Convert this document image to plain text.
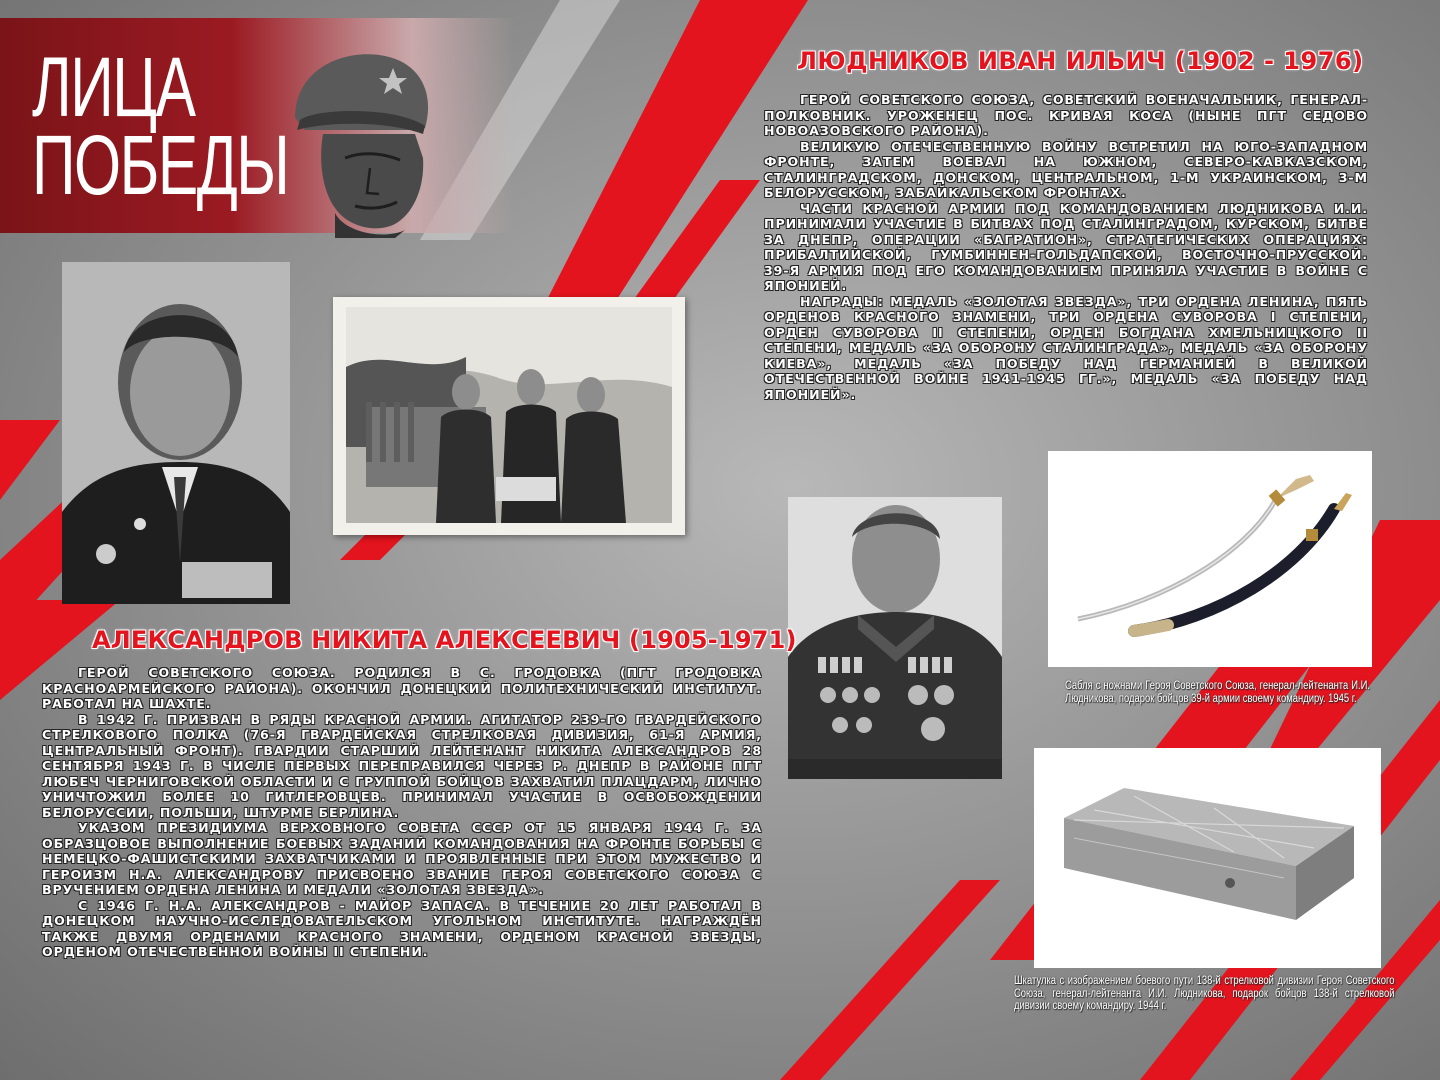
ЛИЦА
ПОБЕДЫ
ЛЮДНИКОВ ИВАН ИЛЬИЧ (1902 - 1976)

ГЕРОЙ СОВЕТСКОГО СОЮЗА, СОВЕТСКИЙ ВОЕНАЧАЛЬНИК, ГЕНЕРАЛ-ПОЛКОВНИК. УРОЖЕНЕЦ ПОС. КРИВАЯ КОСА (НЫНЕ ПГТ СЕДОВО НОВОАЗОВСКОГО РАЙОНА).

ВЕЛИКУЮ ОТЕЧЕСТВЕННУЮ ВОЙНУ ВСТРЕТИЛ НА ЮГО-ЗАПАДНОМ ФРОНТЕ, ЗАТЕМ ВОЕВАЛ НА ЮЖНОМ, СЕВЕРО-КАВКАЗСКОМ, СТАЛИНГРАДСКОМ, ДОНСКОМ, ЦЕНТРАЛЬНОМ, 1-М УКРАИНСКОМ, 3-М БЕЛОРУССКОМ, ЗАБАЙКАЛЬСКОМ ФРОНТАХ.

ЧАСТИ КРАСНОЙ АРМИИ ПОД КОМАНДОВАНИЕМ ЛЮДНИКОВА И.И. ПРИНИМАЛИ УЧАСТИЕ В БИТВАХ ПОД СТАЛИНГРАДОМ, КУРСКОМ, БИТВЕ ЗА ДНЕПР, ОПЕРАЦИИ «БАГРАТИОН», СТРАТЕГИЧЕСКИХ ОПЕРАЦИЯХ: ПРИБАЛТИЙСКОЙ, ГУМБИННЕН-ГОЛЬДАПСКОЙ, ВОСТОЧНО-ПРУССКОЙ. 39-Я АРМИЯ ПОД ЕГО КОМАНДОВАНИЕМ ПРИНЯЛА УЧАСТИЕ В ВОЙНЕ С ЯПОНИЕЙ.

НАГРАДЫ: МЕДАЛЬ «ЗОЛОТАЯ ЗВЕЗДА», ТРИ ОРДЕНА ЛЕНИНА, ПЯТЬ ОРДЕНОВ КРАСНОГО ЗНАМЕНИ, ТРИ ОРДЕНА СУВОРОВА I СТЕПЕНИ, ОРДЕН СУВОРОВА II СТЕПЕНИ, ОРДЕН БОГДАНА ХМЕЛЬНИЦКОГО II СТЕПЕНИ, МЕДАЛЬ «ЗА ОБОРОНУ СТАЛИНГРАДА», МЕДАЛЬ «ЗА ОБОРОНУ КИЕВА», МЕДАЛЬ «ЗА ПОБЕДУ НАД ГЕРМАНИЕЙ В ВЕЛИКОЙ ОТЕЧЕСТВЕННОЙ ВОЙНЕ 1941-1945 ГГ.», МЕДАЛЬ «ЗА ПОБЕДУ НАД ЯПОНИЕЙ».

АЛЕКСАНДРОВ НИКИТА АЛЕКСЕЕВИЧ (1905-1971)

ГЕРОЙ СОВЕТСКОГО СОЮЗА. РОДИЛСЯ В С. ГРОДОВКА (ПГТ ГРОДОВКА КРАСНОАРМЕЙСКОГО РАЙОНА). ОКОНЧИЛ ДОНЕЦКИЙ ПОЛИТЕХНИЧЕСКИЙ ИНСТИТУТ. РАБОТАЛ НА ШАХТЕ.

В 1942 Г. ПРИЗВАН В РЯДЫ КРАСНОЙ АРМИИ. АГИТАТОР 239-ГО ГВАРДЕЙСКОГО СТРЕЛКОВОГО ПОЛКА (76-Я ГВАРДЕЙСКАЯ СТРЕЛКОВАЯ ДИВИЗИЯ, 61-Я АРМИЯ, ЦЕНТРАЛЬНЫЙ ФРОНТ). ГВАРДИИ СТАРШИЙ ЛЕЙТЕНАНТ НИКИТА АЛЕКСАНДРОВ 28 СЕНТЯБРЯ 1943 Г. В ЧИСЛЕ ПЕРВЫХ ПЕРЕПРАВИЛСЯ ЧЕРЕЗ Р. ДНЕПР В РАЙОНЕ ПГТ ЛЮБЕЧ ЧЕРНИГОВСКОЙ ОБЛАСТИ И С ГРУППОЙ БОЙЦОВ ЗАХВАТИЛ ПЛАЦДАРМ, ЛИЧНО УНИЧТОЖИЛ БОЛЕЕ 10 ГИТЛЕРОВЦЕВ. ПРИНИМАЛ УЧАСТИЕ В ОСВОБОЖДЕНИИ БЕЛОРУССИИ, ПОЛЬШИ, ШТУРМЕ БЕРЛИНА.

УКАЗОМ ПРЕЗИДИУМА ВЕРХОВНОГО СОВЕТА СССР ОТ 15 ЯНВАРЯ 1944 Г. ЗА ОБРАЗЦОВОЕ ВЫПОЛНЕНИЕ БОЕВЫХ ЗАДАНИЙ КОМАНДОВАНИЯ НА ФРОНТЕ БОРЬБЫ С НЕМЕЦКО-ФАШИСТСКИМИ ЗАХВАТЧИКАМИ И ПРОЯВЛЕННЫЕ ПРИ ЭТОМ МУЖЕСТВО И ГЕРОИЗМ Н.А. АЛЕКСАНДРОВУ ПРИСВОЕНО ЗВАНИЕ ГЕРОЯ СОВЕТСКОГО СОЮЗА С ВРУЧЕНИЕМ ОРДЕНА ЛЕНИНА И МЕДАЛИ «ЗОЛОТАЯ ЗВЕЗДА».

С 1946 Г. Н.А. АЛЕКСАНДРОВ - МАЙОР ЗАПАСА. В ТЕЧЕНИЕ 20 ЛЕТ РАБОТАЛ В ДОНЕЦКОМ НАУЧНО-ИССЛЕДОВАТЕЛЬСКОМ УГОЛЬНОМ ИНСТИТУТЕ. НАГРАЖДЁН ТАКЖЕ ДВУМЯ ОРДЕНАМИ КРАСНОГО ЗНАМЕНИ, ОРДЕНОМ КРАСНОЙ ЗВЕЗДЫ, ОРДЕНОМ ОТЕЧЕСТВЕННОЙ ВОЙНЫ II СТЕПЕНИ.

Сабля с ножнами Героя Советского Союза, генерал-лейтенанта И.И. Людникова, подарок бойцов 39-й армии своему командиру. 1945 г.
Шкатулка с изображением боевого пути 138-й стрелковой дивизии Героя Советского Союза, генерал-лейтенанта И.И. Людникова, подарок бойцов 138-й стрелковой дивизии своему командиру. 1944 г.
